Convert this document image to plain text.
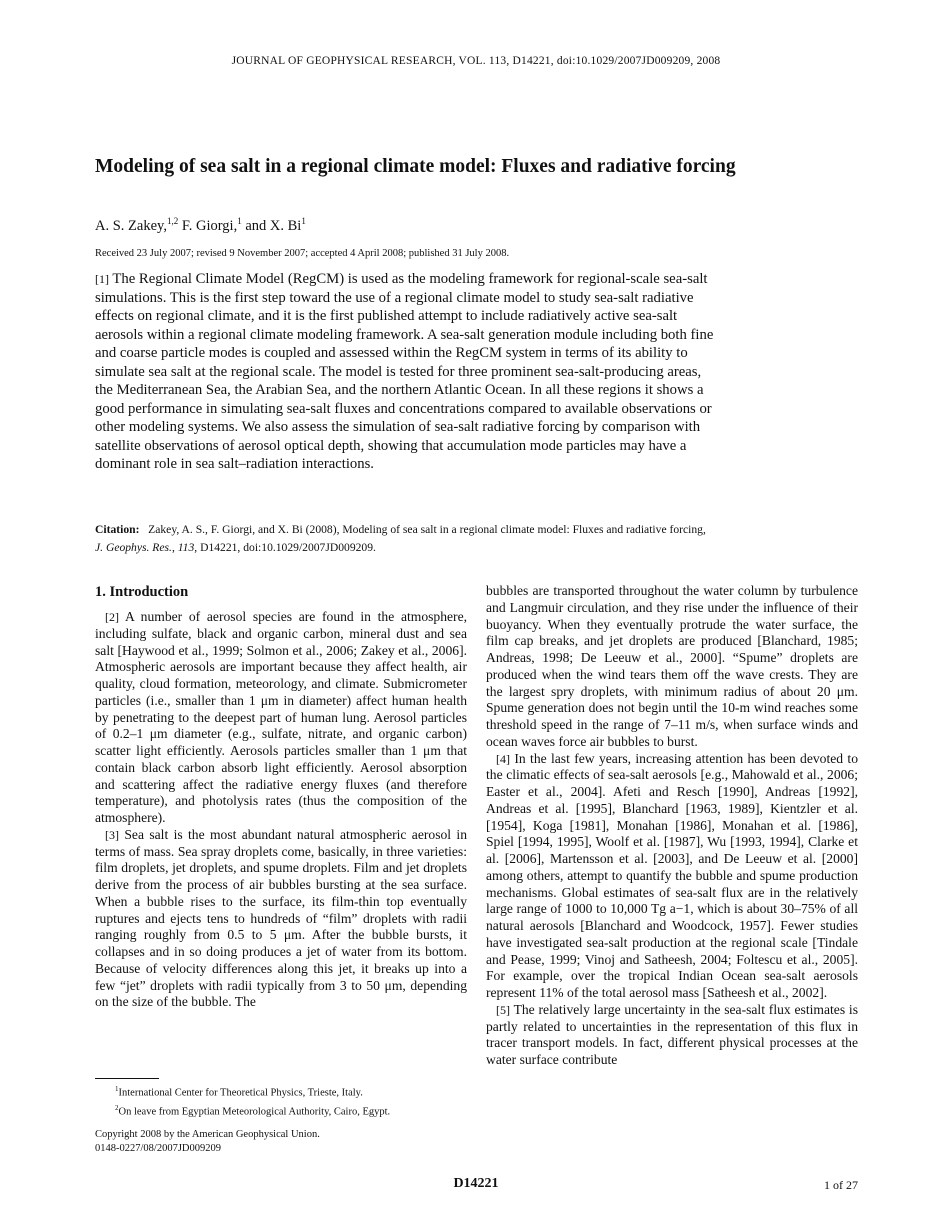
JOURNAL OF GEOPHYSICAL RESEARCH, VOL. 113, D14221, doi:10.1029/2007JD009209, 2008
Modeling of sea salt in a regional climate model: Fluxes and radiative forcing
A. S. Zakey,$^{1,2}$ F. Giorgi,$^1$ and X. Bi$^1$
Received 23 July 2007; revised 9 November 2007; accepted 4 April 2008; published 31 July 2008.
[1] The Regional Climate Model (RegCM) is used as the modeling framework for regional-scale sea-salt simulations. This is the first step toward the use of a regional climate model to study sea-salt radiative effects on regional climate, and it is the first published attempt to include radiatively active sea-salt aerosols within a regional climate modeling framework. A sea-salt generation module including both fine and coarse particle modes is coupled and assessed within the RegCM system in terms of its ability to simulate sea salt at the regional scale. The model is tested for three prominent sea-salt-producing areas, the Mediterranean Sea, the Arabian Sea, and the northern Atlantic Ocean. In all these regions it shows a good performance in simulating sea-salt fluxes and concentrations compared to available observations or other modeling systems. We also assess the simulation of sea-salt radiative forcing by comparison with satellite observations of aerosol optical depth, showing that accumulation mode particles may have a dominant role in sea salt–radiation interactions.
Citation: Zakey, A. S., F. Giorgi, and X. Bi (2008), Modeling of sea salt in a regional climate model: Fluxes and radiative forcing,
J. Geophys. Res., 113, D14221, doi:10.1029/2007JD009209.
1. Introduction

[2] A number of aerosol species are found in the atmosphere, including sulfate, black and organic carbon, mineral dust and sea salt [Haywood et al., 1999; Solmon et al., 2006; Zakey et al., 2006]. Atmospheric aerosols are important because they affect health, air quality, cloud formation, meteorology, and climate. Submicrometer particles (i.e., smaller than 1 μm in diameter) affect human health by penetrating to the deepest part of human lung. Aerosol particles of 0.2–1 μm diameter (e.g., sulfate, nitrate, and organic carbon) scatter light efficiently. Aerosols particles smaller than 1 μm that contain black carbon absorb light efficiently. Aerosol absorption and scattering affect the radiative energy fluxes (and therefore temperature), and photolysis rates (thus the composition of the atmosphere).

[3] Sea salt is the most abundant natural atmospheric aerosol in terms of mass. Sea spray droplets come, basically, in three varieties: film droplets, jet droplets, and spume droplets. Film and jet droplets derive from the process of air bubbles bursting at the sea surface. When a bubble rises to the surface, its film-thin top eventually ruptures and ejects tens to hundreds of “film” droplets with radii ranging roughly from 0.5 to 5 μm. After the bubble bursts, it collapses and in so doing produces a jet of water from its bottom. Because of velocity differences along this jet, it breaks up into a few “jet” droplets with radii typically from 3 to 50 μm, depending on the size of the bubble. The

bubbles are transported throughout the water column by turbulence and Langmuir circulation, and they rise under the influence of their buoyancy. When they eventually protrude the water surface, the film cap breaks, and jet droplets are produced [Blanchard, 1985; Andreas, 1998; De Leeuw et al., 2000]. “Spume” droplets are produced when the wind tears them off the wave crests. They are the largest spry droplets, with minimum radius of about 20 μm. Spume generation does not begin until the 10-m wind reaches some threshold speed in the range of 7–11 m/s, when surface winds and ocean waves force air bubbles to burst.

[4] In the last few years, increasing attention has been devoted to the climatic effects of sea-salt aerosols [e.g., Mahowald et al., 2006; Easter et al., 2004]. Afeti and Resch [1990], Andreas [1992], Andreas et al. [1995], Blanchard [1963, 1989], Kientzler et al. [1954], Koga [1981], Monahan [1986], Monahan et al. [1986], Spiel [1994, 1995], Woolf et al. [1987], Wu [1993, 1994], Clarke et al. [2006], Martensson et al. [2003], and De Leeuw et al. [2000] among others, attempt to quantify the bubble and spume production mechanisms. Global estimates of sea-salt flux are in the relatively large range of 1000 to 10,000 Tg a−1, which is about 30–75% of all natural aerosols [Blanchard and Woodcock, 1957]. Fewer studies have investigated sea-salt production at the regional scale [Tindale and Pease, 1999; Vinoj and Satheesh, 2004; Foltescu et al., 2005]. For example, over the tropical Indian Ocean sea-salt aerosols represent 11% of the total aerosol mass [Satheesh et al., 2002].

[5] The relatively large uncertainty in the sea-salt flux estimates is partly related to uncertainties in the representation of this flux in tracer transport models. In fact, different physical processes at the water surface contribute

$^1$International Center for Theoretical Physics, Trieste, Italy.
$^2$On leave from Egyptian Meteorological Authority, Cairo, Egypt.
Copyright 2008 by the American Geophysical Union.
0148-0227/08/2007JD009209
D14221	1 of 27
